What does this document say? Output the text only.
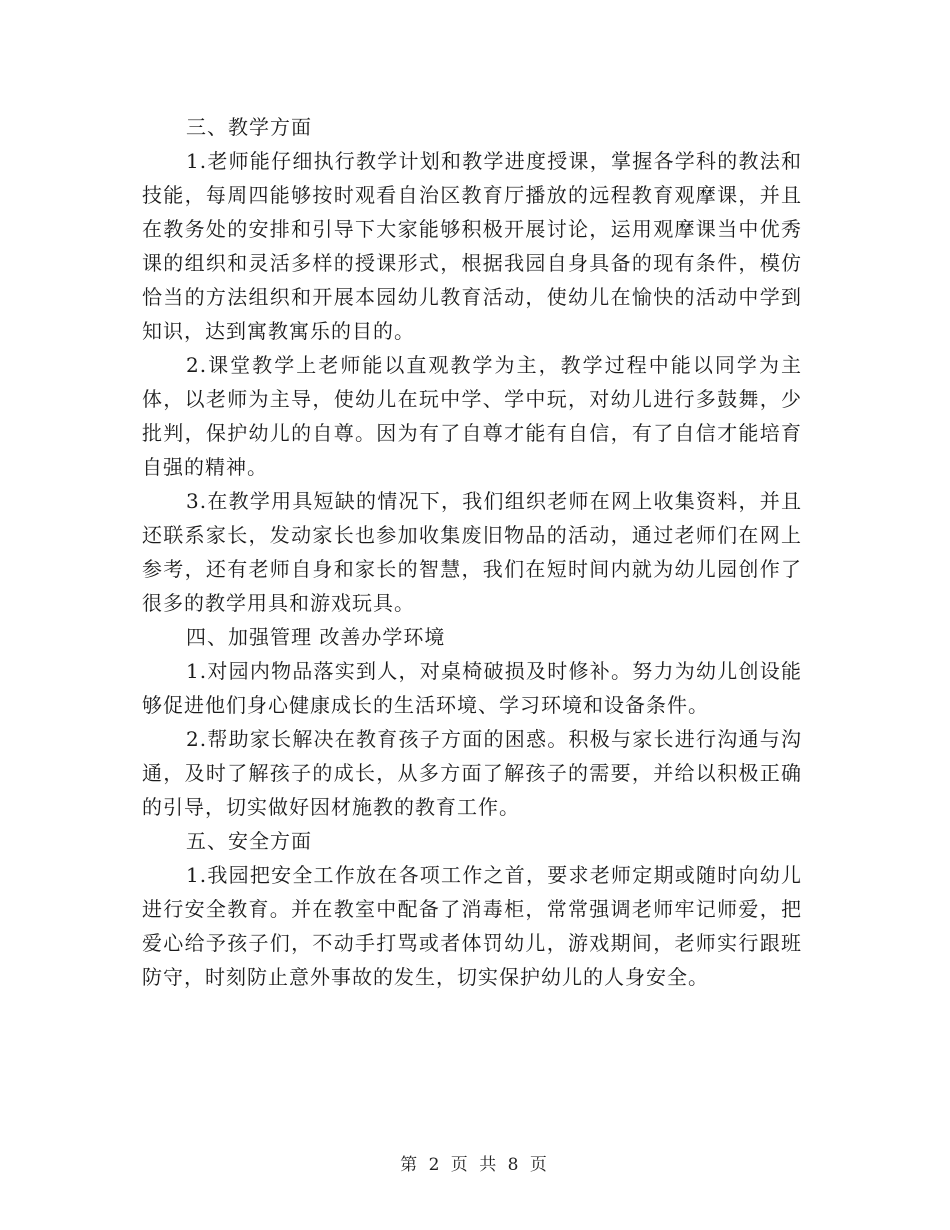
三、教学方面

1.老师能仔细执行教学计划和教学进度授课，掌握各学科的教法和技能，每周四能够按时观看自治区教育厅播放的远程教育观摩课，并且在教务处的安排和引导下大家能够积极开展讨论，运用观摩课当中优秀课的组织和灵活多样的授课形式，根据我园自身具备的现有条件，模仿恰当的方法组织和开展本园幼儿教育活动，使幼儿在愉快的活动中学到知识，达到寓教寓乐的目的。

2.课堂教学上老师能以直观教学为主，教学过程中能以同学为主体，以老师为主导，使幼儿在玩中学、学中玩，对幼儿进行多鼓舞，少批判，保护幼儿的自尊。因为有了自尊才能有自信，有了自信才能培育自强的精神。

3.在教学用具短缺的情况下，我们组织老师在网上收集资料，并且还联系家长，发动家长也参加收集废旧物品的活动，通过老师们在网上参考，还有老师自身和家长的智慧，我们在短时间内就为幼儿园创作了很多的教学用具和游戏玩具。

四、加强管理 改善办学环境

1.对园内物品落实到人，对桌椅破损及时修补。努力为幼儿创设能够促进他们身心健康成长的生活环境、学习环境和设备条件。

2.帮助家长解决在教育孩子方面的困惑。积极与家长进行沟通与沟通，及时了解孩子的成长，从多方面了解孩子的需要，并给以积极正确的引导，切实做好因材施教的教育工作。

五、安全方面

1.我园把安全工作放在各项工作之首，要求老师定期或随时向幼儿进行安全教育。并在教室中配备了消毒柜，常常强调老师牢记师爱，把爱心给予孩子们，不动手打骂或者体罚幼儿，游戏期间，老师实行跟班防守，时刻防止意外事故的发生，切实保护幼儿的人身安全。

第 2 页 共 8 页
